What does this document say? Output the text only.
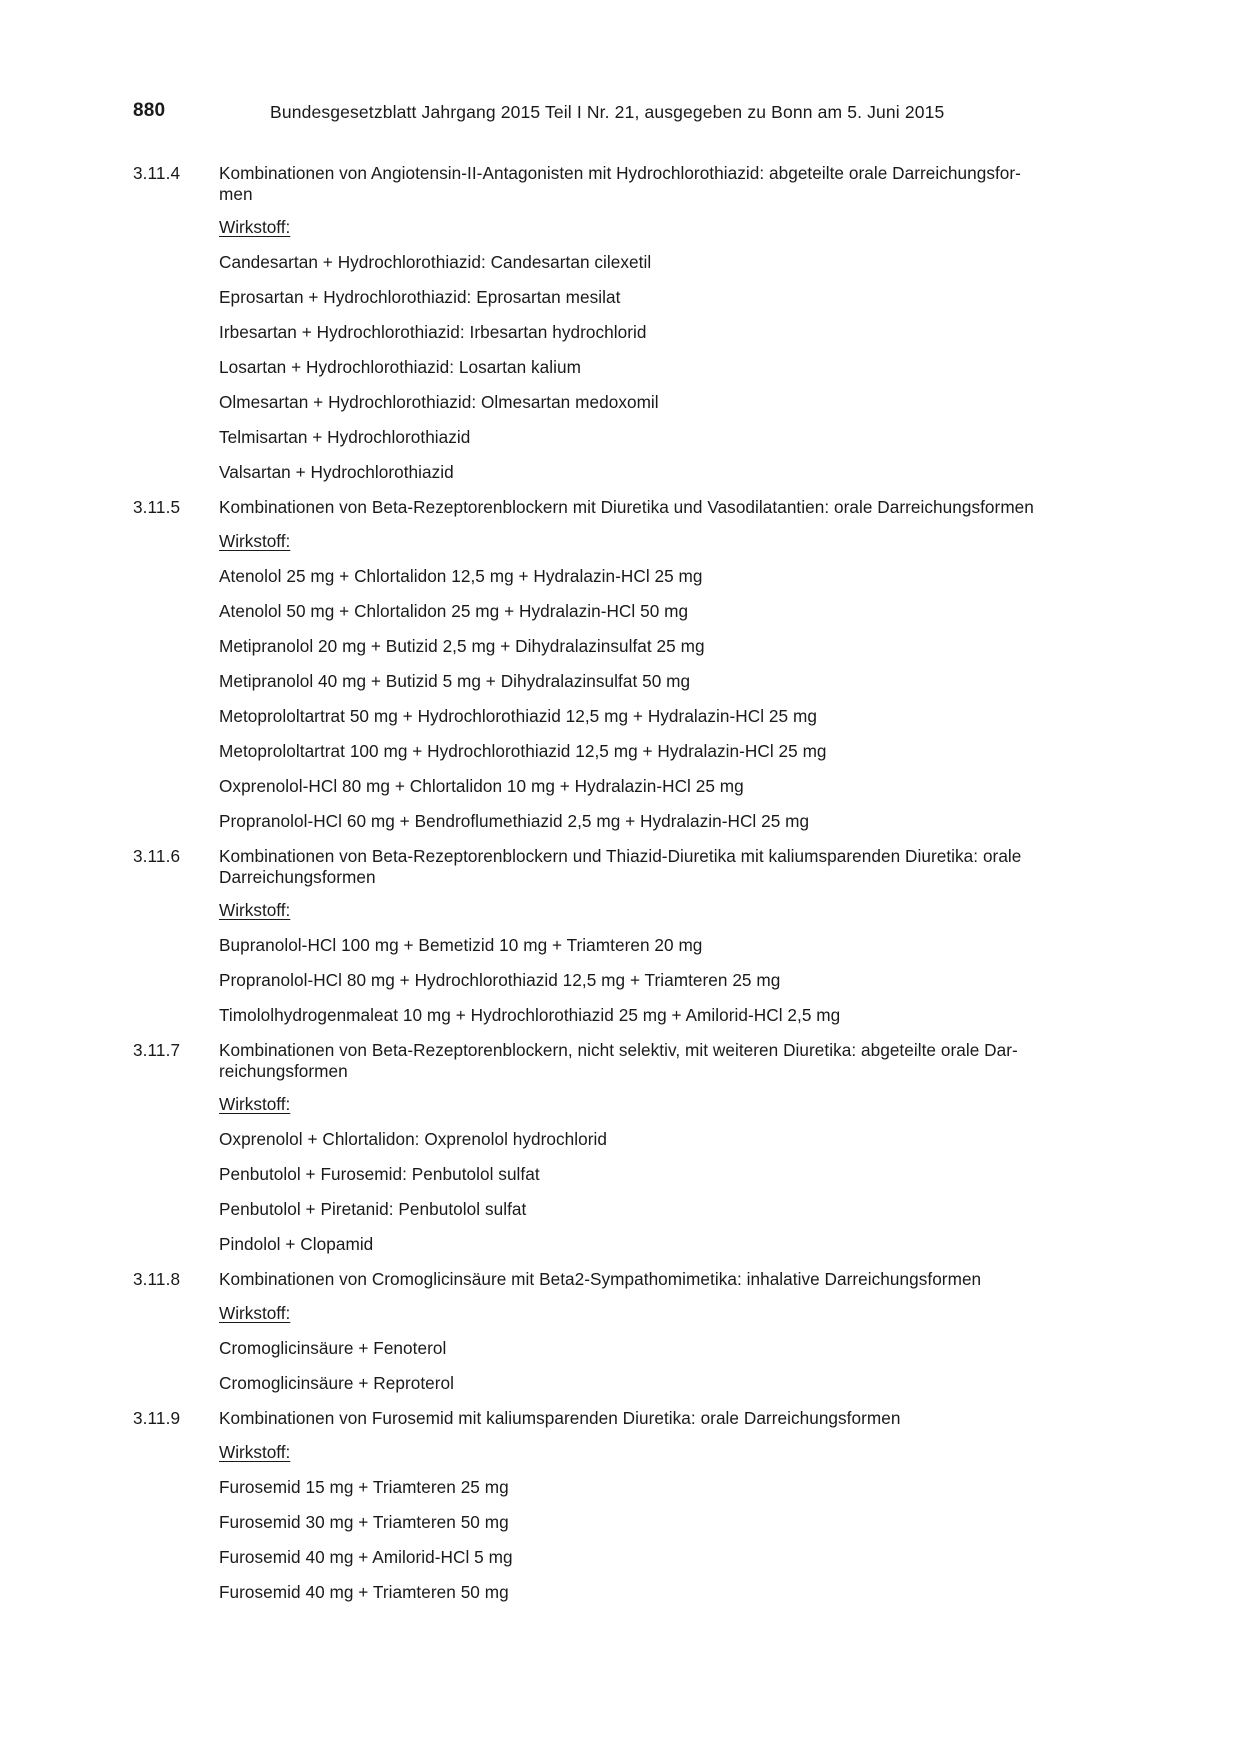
880	Bundesgesetzblatt Jahrgang 2015 Teil I Nr. 21, ausgegeben zu Bonn am 5. Juni 2015
3.11.4	Kombinationen von Angiotensin-II-Antagonisten mit Hydrochlorothiazid: abgeteilte orale Darreichungsfor-
men
Wirkstoff:
Candesartan + Hydrochlorothiazid: Candesartan cilexetil
Eprosartan + Hydrochlorothiazid: Eprosartan mesilat
Irbesartan + Hydrochlorothiazid: Irbesartan hydrochlorid
Losartan + Hydrochlorothiazid: Losartan kalium
Olmesartan + Hydrochlorothiazid: Olmesartan medoxomil
Telmisartan + Hydrochlorothiazid
Valsartan + Hydrochlorothiazid
3.11.5	Kombinationen von Beta-Rezeptorenblockern mit Diuretika und Vasodilatantien: orale Darreichungsformen
Wirkstoff:
Atenolol 25 mg + Chlortalidon 12,5 mg + Hydralazin-HCl 25 mg
Atenolol 50 mg + Chlortalidon 25 mg + Hydralazin-HCl 50 mg
Metipranolol 20 mg + Butizid 2,5 mg + Dihydralazinsulfat 25 mg
Metipranolol 40 mg + Butizid 5 mg + Dihydralazinsulfat 50 mg
Metoprololtartrat 50 mg + Hydrochlorothiazid 12,5 mg + Hydralazin-HCl 25 mg
Metoprololtartrat 100 mg + Hydrochlorothiazid 12,5 mg + Hydralazin-HCl 25 mg
Oxprenolol-HCl 80 mg + Chlortalidon 10 mg + Hydralazin-HCl 25 mg
Propranolol-HCl 60 mg + Bendroflumethiazid 2,5 mg + Hydralazin-HCl 25 mg
3.11.6	Kombinationen von Beta-Rezeptorenblockern und Thiazid-Diuretika mit kaliumsparenden Diuretika: orale
Darreichungsformen
Wirkstoff:
Bupranolol-HCl 100 mg + Bemetizid 10 mg + Triamteren 20 mg
Propranolol-HCl 80 mg + Hydrochlorothiazid 12,5 mg + Triamteren 25 mg
Timololhydrogenmaleat 10 mg + Hydrochlorothiazid 25 mg + Amilorid-HCl 2,5 mg
3.11.7	Kombinationen von Beta-Rezeptorenblockern, nicht selektiv, mit weiteren Diuretika: abgeteilte orale Dar-
reichungsformen
Wirkstoff:
Oxprenolol + Chlortalidon: Oxprenolol hydrochlorid
Penbutolol + Furosemid: Penbutolol sulfat
Penbutolol + Piretanid: Penbutolol sulfat
Pindolol + Clopamid
3.11.8	Kombinationen von Cromoglicinsäure mit Beta2-Sympathomimetika: inhalative Darreichungsformen
Wirkstoff:
Cromoglicinsäure + Fenoterol
Cromoglicinsäure + Reproterol
3.11.9	Kombinationen von Furosemid mit kaliumsparenden Diuretika: orale Darreichungsformen
Wirkstoff:
Furosemid 15 mg + Triamteren 25 mg
Furosemid 30 mg + Triamteren 50 mg
Furosemid 40 mg + Amilorid-HCl 5 mg
Furosemid 40 mg + Triamteren 50 mg
